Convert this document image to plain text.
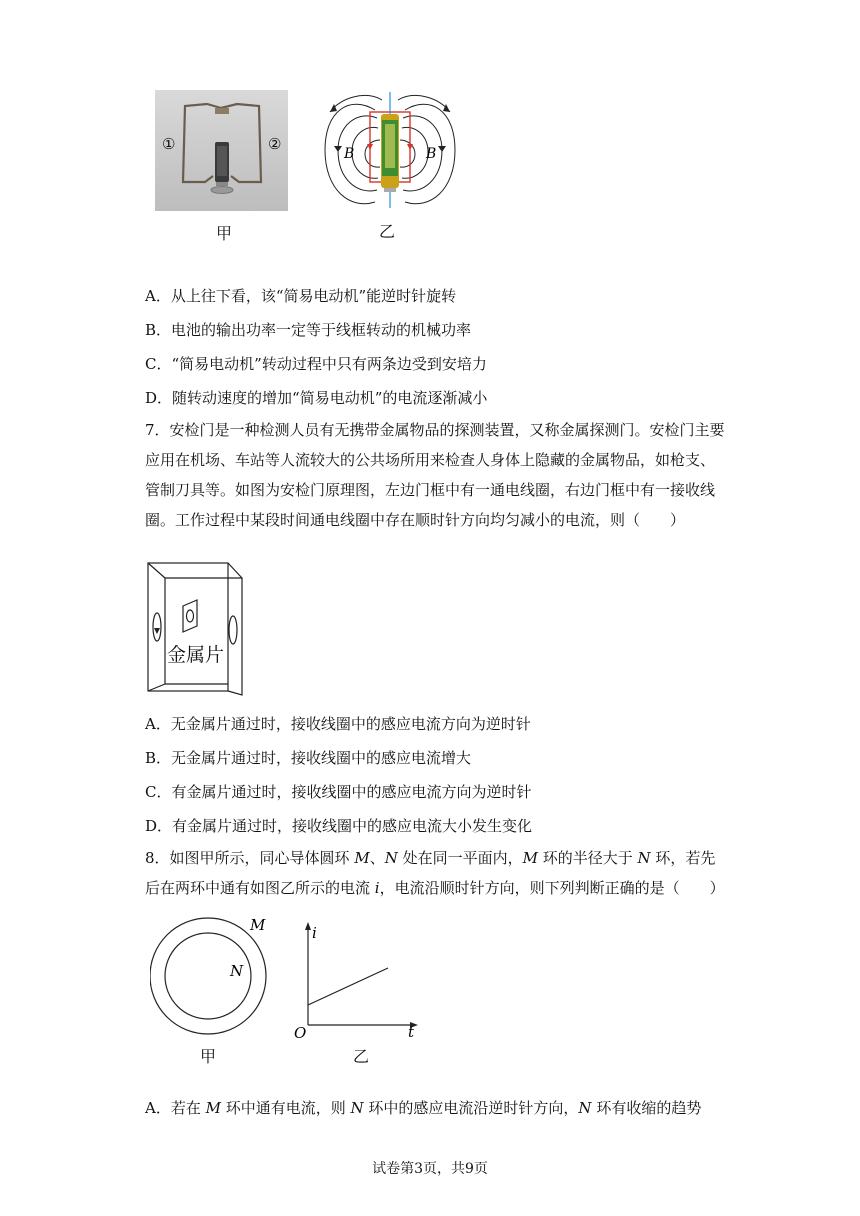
①	②
B	B
甲	乙
A．从上往下看，该“简易电动机”能逆时针旋转
B．电池的输出功率一定等于线框转动的机械功率
C．“简易电动机”转动过程中只有两条边受到安培力
D．随转动速度的增加“简易电动机”的电流逐渐减小
7．安检门是一种检测人员有无携带金属物品的探测装置，又称金属探测门。安检门主要应用在机场、车站等人流较大的公共场所用来检查人身体上隐藏的金属物品，如枪支、管制刀具等。如图为安检门原理图，左边门框中有一通电线圈，右边门框中有一接收线圈。工作过程中某段时间通电线圈中存在顺时针方向均匀减小的电流，则（　　）
金属片
A．无金属片通过时，接收线圈中的感应电流方向为逆时针
B．无金属片通过时，接收线圈中的感应电流增大
C．有金属片通过时，接收线圈中的感应电流方向为逆时针
D．有金属片通过时，接收线圈中的感应电流大小发生变化
8．如图甲所示，同心导体圆环 M、N 处在同一平面内，M 环的半径大于 N 环，若先后在两环中通有如图乙所示的电流 i，电流沿顺时针方向，则下列判断正确的是（　　）
M
N
i
t
O
甲	乙
A．若在 M 环中通有电流，则 N 环中的感应电流沿逆时针方向，N 环有收缩的趋势
试卷第3页，共9页
